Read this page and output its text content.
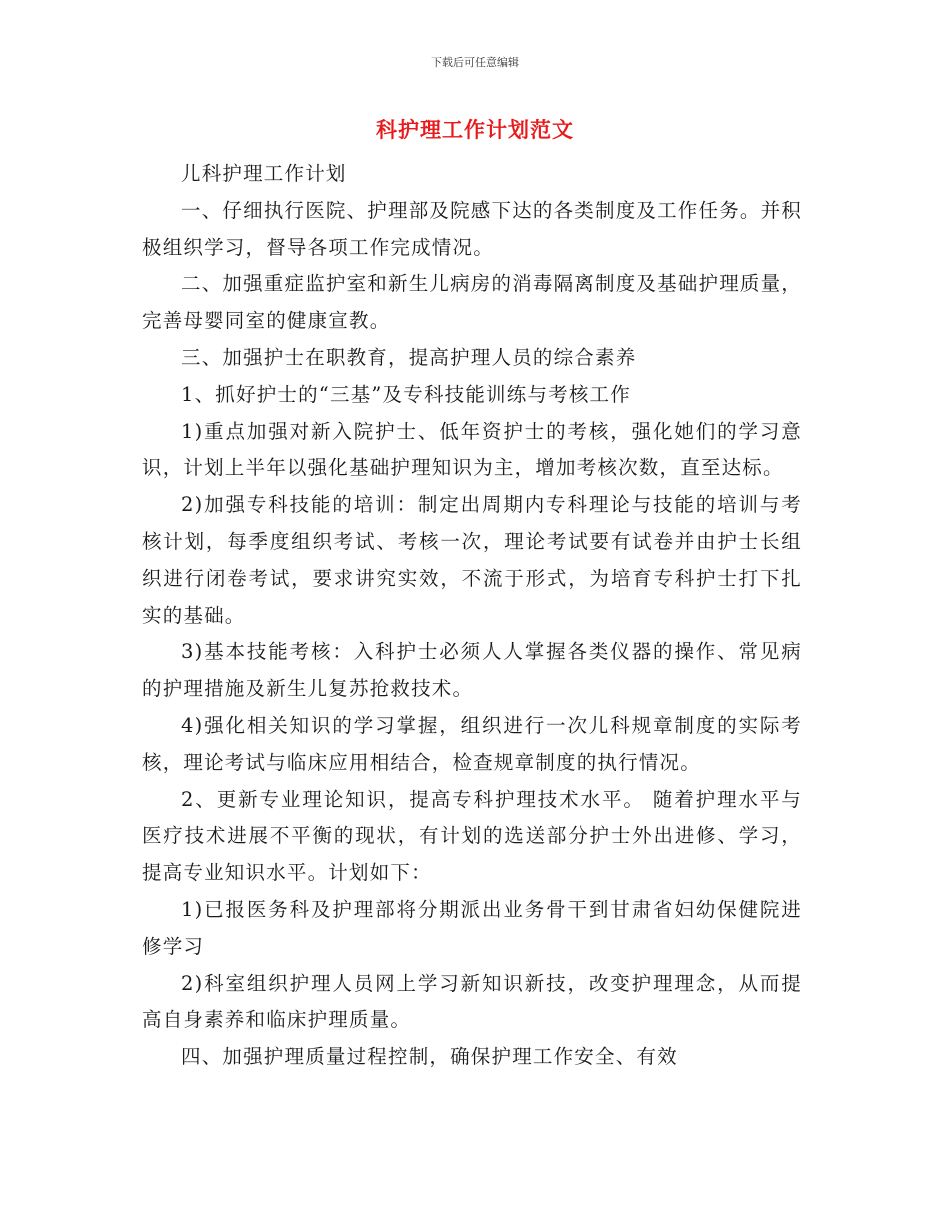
下载后可任意编辑
科护理工作计划范文

儿科护理工作计划

一、仔细执行医院、护理部及院感下达的各类制度及工作任务。并积极组织学习，督导各项工作完成情况。

二、加强重症监护室和新生儿病房的消毒隔离制度及基础护理质量，完善母婴同室的健康宣教。

三、加强护士在职教育，提高护理人员的综合素养

1、抓好护士的“三基”及专科技能训练与考核工作

1)重点加强对新入院护士、低年资护士的考核，强化她们的学习意识，计划上半年以强化基础护理知识为主，增加考核次数，直至达标。

2)加强专科技能的培训：制定出周期内专科理论与技能的培训与考核计划，每季度组织考试、考核一次，理论考试要有试卷并由护士长组织进行闭卷考试，要求讲究实效，不流于形式，为培育专科护士打下扎实的基础。

3)基本技能考核：入科护士必须人人掌握各类仪器的操作、常见病的护理措施及新生儿复苏抢救技术。

4)强化相关知识的学习掌握，组织进行一次儿科规章制度的实际考核，理论考试与临床应用相结合，检查规章制度的执行情况。

2、更新专业理论知识，提高专科护理技术水平。 随着护理水平与医疗技术进展不平衡的现状，有计划的选送部分护士外出进修、学习，提高专业知识水平。计划如下：

1)已报医务科及护理部将分期派出业务骨干到甘肃省妇幼保健院进修学习

2)科室组织护理人员网上学习新知识新技，改变护理理念，从而提高自身素养和临床护理质量。

四、加强护理质量过程控制，确保护理工作安全、有效
